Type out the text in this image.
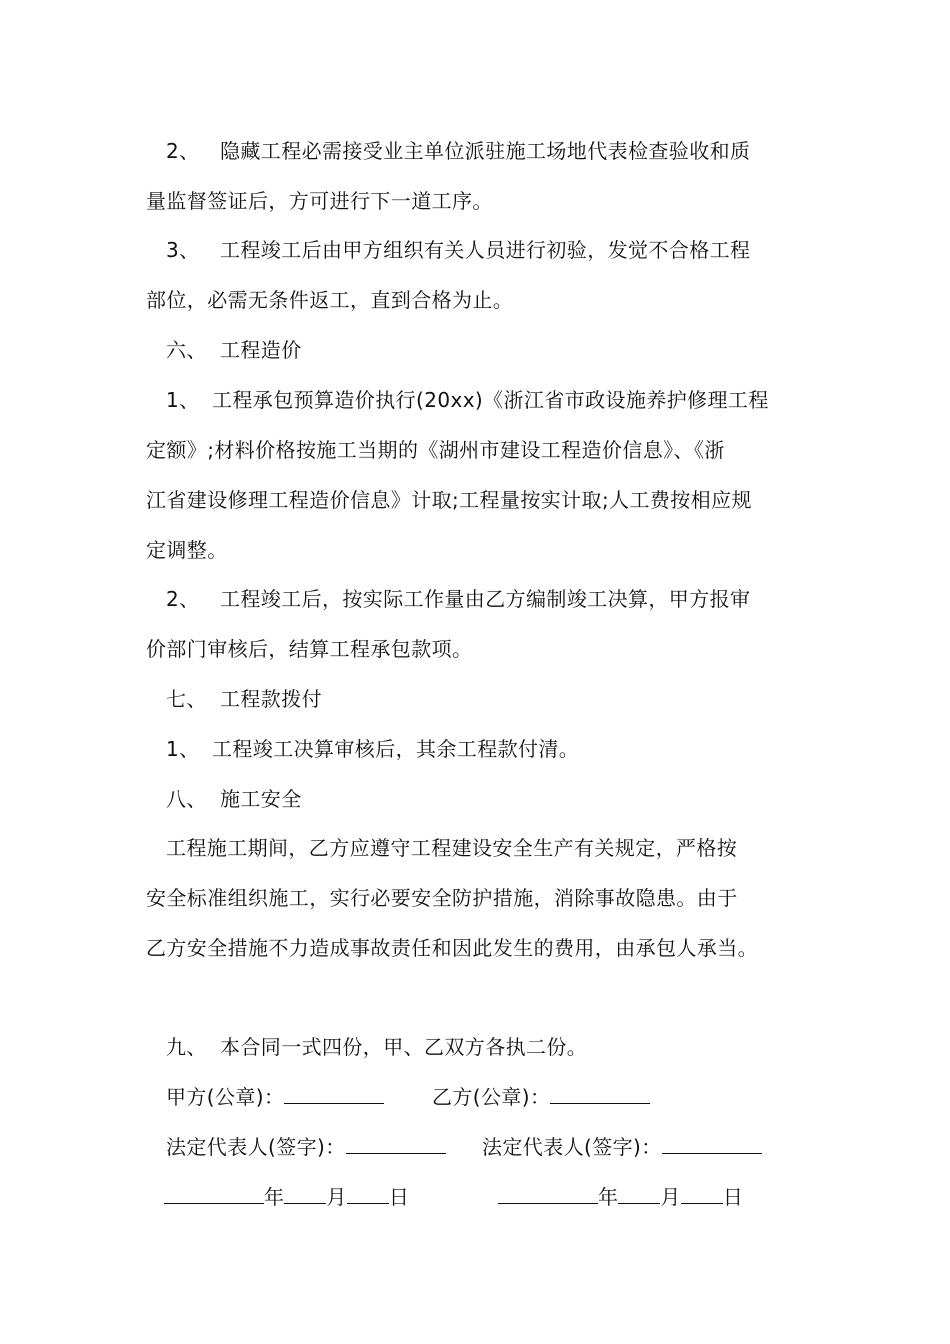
2、 隐藏工程必需接受业主单位派驻施工场地代表检查验收和质
量监督签证后，方可进行下一道工序。
3、 工程竣工后由甲方组织有关人员进行初验，发觉不合格工程
部位，必需无条件返工，直到合格为止。
六、 工程造价
1、 工程承包预算造价执行(20xx)《浙江省市政设施养护修理工程
定额》;材料价格按施工当期的《湖州市建设工程造价信息》、《浙
江省建设修理工程造价信息》计取;工程量按实计取;人工费按相应规
定调整。
2、 工程竣工后，按实际工作量由乙方编制竣工决算，甲方报审
价部门审核后，结算工程承包款项。
七、 工程款拨付
1、 工程竣工决算审核后，其余工程款付清。
八、 施工安全
工程施工期间，乙方应遵守工程建设安全生产有关规定，严格按
安全标准组织施工，实行必要安全防护措施，消除事故隐患。由于
乙方安全措施不力造成事故责任和因此发生的费用，由承包人承当。
九、 本合同一式四份，甲、乙双方各执二份。
甲方(公章)：	乙方(公章)：
法定代表人(签字)：	法定代表人(签字)：
年 月 日	年 月 日
